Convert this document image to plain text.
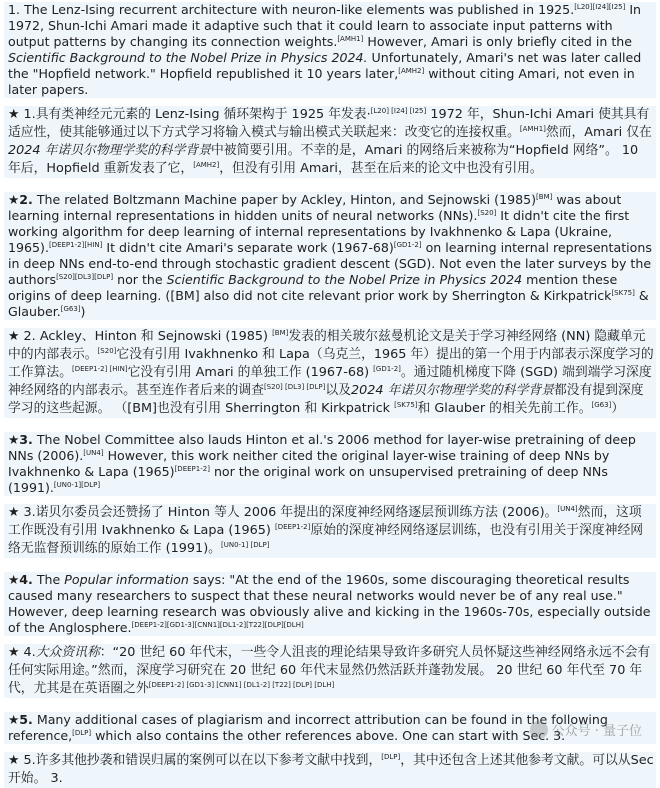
1. The Lenz-Ising recurrent architecture with neuron-like elements was published in 1925.[L20][I24][I25] In 1972, Shun-Ichi Amari made it adaptive such that it could learn to associate input patterns with output patterns by changing its connection weights.[AMH1] However, Amari is only briefly cited in the Scientific Background to the Nobel Prize in Physics 2024. Unfortunately, Amari's net was later called the "Hopfield network." Hopfield republished it 10 years later,[AMH2] without citing Amari, not even in later papers.

★ 1.具有类神经元元素的 Lenz-Ising 循环架构于 1925 年发表·[L20] [I24] [I25] 1972 年，Shun-Ichi Amari 使其具有适应性，使其能够通过以下方式学习将输入模式与输出模式关联起来：改变它的连接权重。[AMH1]然而，Amari 仅在2024 年诺贝尔物理学奖的科学背景中被简要引用。不幸的是，Amari 的网络后来被称为“Hopfield 网络”。 10 年后，Hopfield 重新发表了它，[AMH2]，但没有引用 Amari，甚至在后来的论文中也没有引用。

★2. The related Boltzmann Machine paper by Ackley, Hinton, and Sejnowski (1985)[BM] was about learning internal representations in hidden units of neural networks (NNs).[S20] It didn't cite the first working algorithm for deep learning of internal representations by Ivakhnenko & Lapa (Ukraine, 1965).[DEEP1-2][HIN] It didn't cite Amari's separate work (1967-68)[GD1-2] on learning internal representations in deep NNs end-to-end through stochastic gradient descent (SGD). Not even the later surveys by the authors[S20][DL3][DLP] nor the Scientific Background to the Nobel Prize in Physics 2024 mention these origins of deep learning. ([BM] also did not cite relevant prior work by Sherrington & Kirkpatrick[SK75] & Glauber.[G63])

★ 2. Ackley、Hinton 和 Sejnowski (1985) [BM]发表的相关玻尔兹曼机论文是关于学习神经网络 (NN) 隐藏单元中的内部表示。[S20]它没有引用 Ivakhnenko 和 Lapa（乌克兰，1965 年）提出的第一个用于内部表示深度学习的工作算法。[DEEP1-2] [HIN]它没有引用 Amari 的单独工作 (1967-68) [GD1-2]。通过随机梯度下降 (SGD) 端到端学习深度神经网络的内部表示。甚至连作者后来的调查[S20] [DL3] [DLP]以及2024 年诺贝尔物理学奖的科学背景都没有提到深度学习的这些起源。 （[BM]也没有引用 Sherrington 和 Kirkpatrick [SK75]和 Glauber 的相关先前工作。[G63]）

★3. The Nobel Committee also lauds Hinton et al.'s 2006 method for layer-wise pretraining of deep NNs (2006).[UN4] However, this work neither cited the original layer-wise training of deep NNs by Ivakhnenko & Lapa (1965)[DEEP1-2] nor the original work on unsupervised pretraining of deep NNs (1991).[UN0-1][DLP]

★ 3.诺贝尔委员会还赞扬了 Hinton 等人 2006 年提出的深度神经网络逐层预训练方法 (2006)。[UN4]然而，这项工作既没有引用 Ivakhnenko & Lapa (1965) [DEEP1-2]原始的深度神经网络逐层训练，也没有引用关于深度神经网络无监督预训练的原始工作 (1991)。[UN0-1] [DLP]

★4. The Popular information says: "At the end of the 1960s, some discouraging theoretical results caused many researchers to suspect that these neural networks would never be of any real use." However, deep learning research was obviously alive and kicking in the 1960s-70s, especially outside of the Anglosphere.[DEEP1-2][GD1-3][CNN1][DL1-2][T22][DLP][DLH]

★ 4.大众资讯称：“20 世纪 60 年代末，一些令人沮丧的理论结果导致许多研究人员怀疑这些神经网络永远不会有任何实际用途。”然而，深度学习研究在 20 世纪 60 年代末显然仍然活跃并蓬勃发展。 20 世纪 60 年代至 70 年代，尤其是在英语圈之外[DEEP1-2] [GD1-3] [CNN1] [DL1-2] [T22] [DLP] [DLH]

★5. Many additional cases of plagiarism and incorrect attribution can be found in the following reference,[DLP] which also contains the other references above. One can start with Sec. 3.

★ 5.许多其他抄袭和错误归属的案例可以在以下参考文献中找到，[DLP]，其中还包含上述其他参考文献。可以从Sec开始。 3.

公众号 · 量子位
